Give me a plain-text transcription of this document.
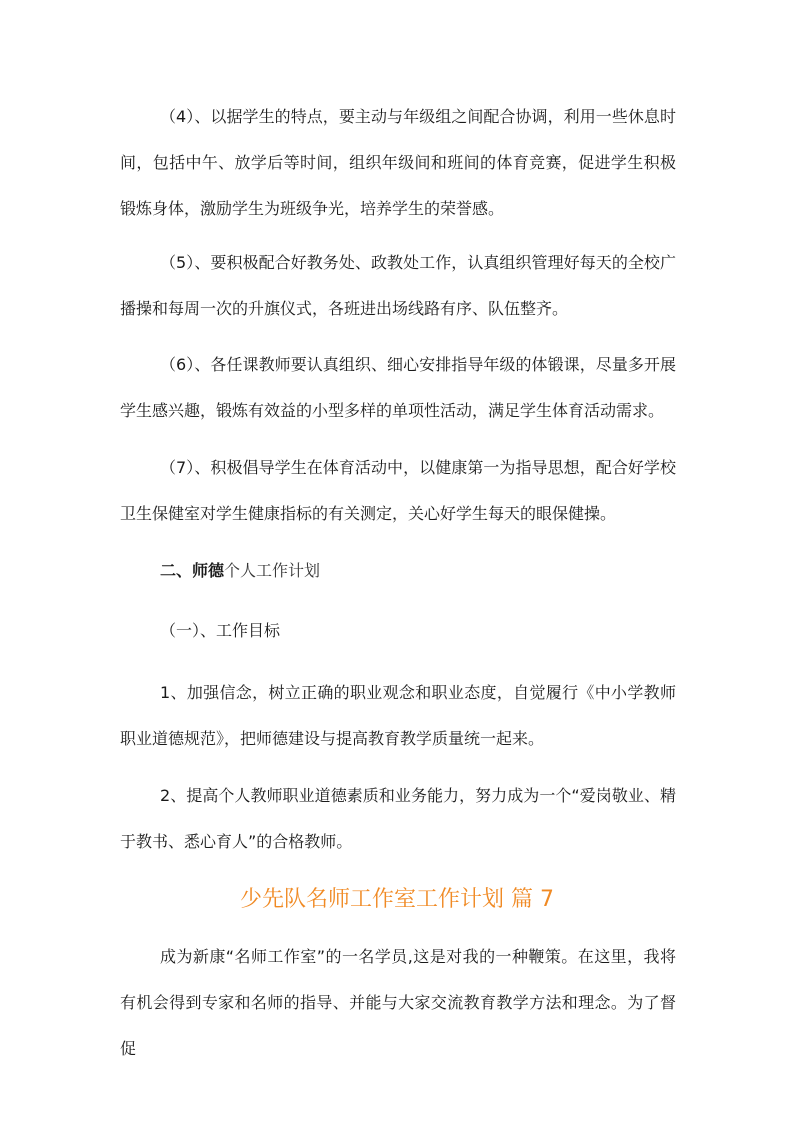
（4）、以据学生的特点，要主动与年级组之间配合协调，利用一些休息时间，包括中午、放学后等时间，组织年级间和班间的体育竞赛，促进学生积极锻炼身体，激励学生为班级争光，培养学生的荣誉感。

（5）、要积极配合好教务处、政教处工作，认真组织管理好每天的全校广播操和每周一次的升旗仪式，各班进出场线路有序、队伍整齐。

（6）、各任课教师要认真组织、细心安排指导年级的体锻课，尽量多开展学生感兴趣，锻炼有效益的小型多样的单项性活动，满足学生体育活动需求。

（7）、积极倡导学生在体育活动中，以健康第一为指导思想，配合好学校卫生保健室对学生健康指标的有关测定，关心好学生每天的眼保健操。

二、师德个人工作计划

（一）、工作目标

1、加强信念，树立正确的职业观念和职业态度，自觉履行《中小学教师职业道德规范》，把师德建设与提高教育教学质量统一起来。

2、提高个人教师职业道德素质和业务能力，努力成为一个“爱岗敬业、精于教书、悉心育人”的合格教师。

少先队名师工作室工作计划 篇 7

成为新康“名师工作室”的一名学员,这是对我的一种鞭策。在这里，我将有机会得到专家和名师的指导、并能与大家交流教育教学方法和理念。为了督促
